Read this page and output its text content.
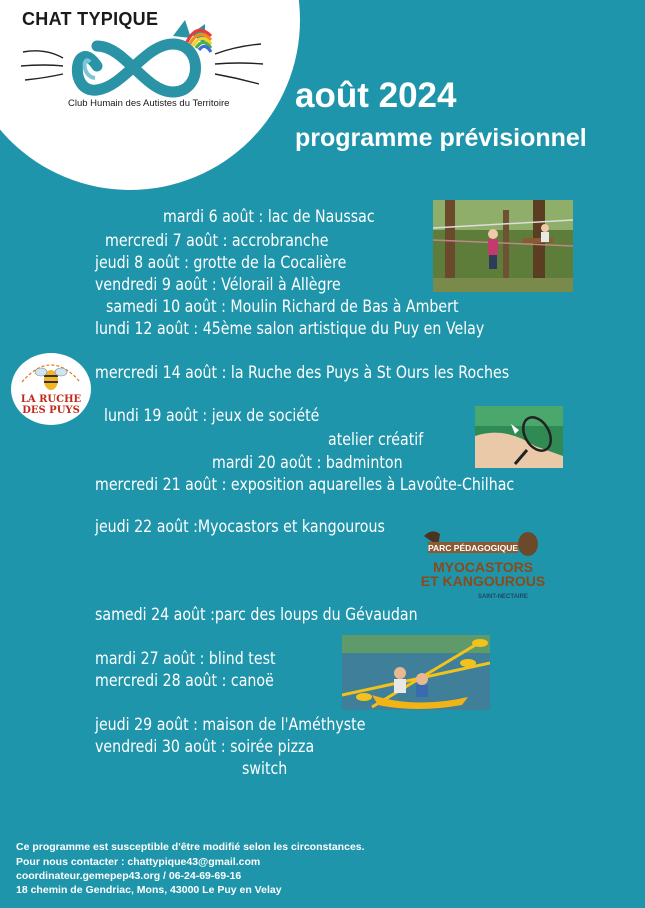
CHAT TYPIQUE
Club Humain des Autistes du Territoire août 2024
programme prévisionnel
mardi 6 août : lac de Naussac
mercredi 7 août : accrobranche
jeudi 8 août : grotte de la Cocalière
vendredi 9 août : Vélorail à Allègre
samedi 10 août : Moulin Richard de Bas à Ambert
lundi 12 août : 45ème salon artistique du Puy en Velay
mercredi 14 août : la Ruche des Puys à St Ours les Roches
lundi 19 août : jeux de société
atelier créatif
mardi 20 août : badminton
mercredi 21 août : exposition aquarelles à Lavoûte-Chilhac
jeudi 22 août :Myocastors et kangourous
samedi 24 août :parc des loups du Gévaudan
mardi 27 août : blind test
mercredi 28 août : canoë
jeudi 29 août : maison de l'Améthyste
vendredi 30 août : soirée pizza
switch
LA RUCHE
DES PUYS
PARC PÉDAGOGIQUE
MYOCASTORS
ET KANGOUROUS
SAINT-NECTAIRE
Ce programme est susceptible d'être modifié selon les circonstances.
Pour nous contacter : chattypique43@gmail.com
coordinateur.gemepep43.org / 06-24-69-69-16
18 chemin de Gendriac, Mons, 43000 Le Puy en Velay
